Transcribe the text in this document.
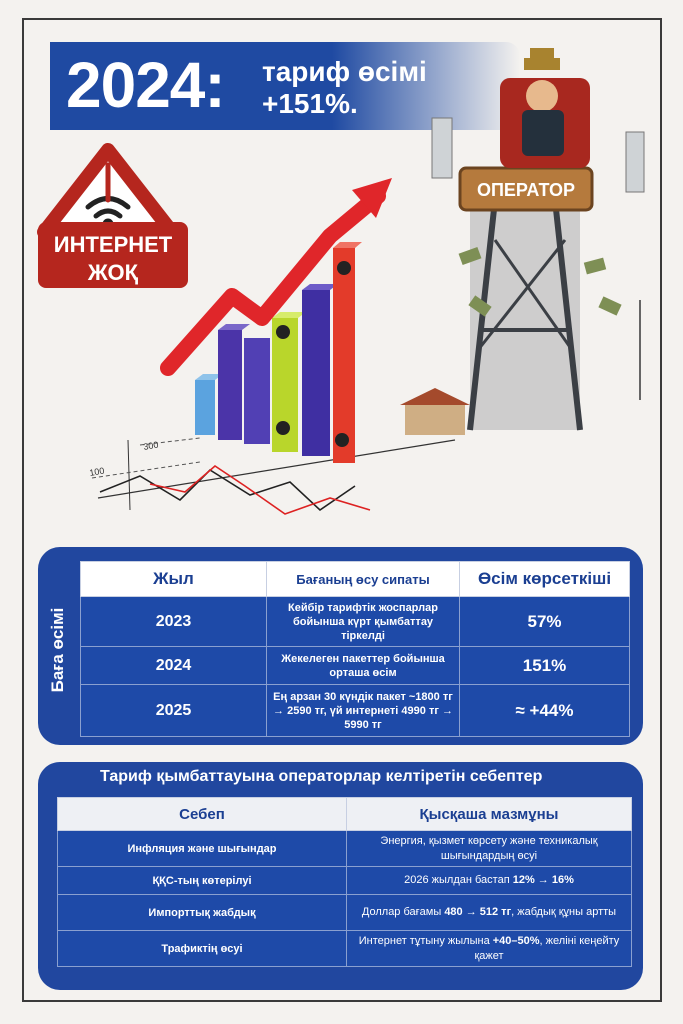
2024: тариф өсімі
+151%.
ИНТЕРНЕТ
ЖОҚ
300
100
ОПЕРАТОР
Баға өсімі
Жыл	Бағаның өсу сипаты	Өсім көрсеткіші
2023	Кейбір тарифтік жоспарлар бойынша күрт қымбаттау тіркелді	57%
2024	Жекелеген пакеттер бойынша орташа өсім	151%
2025	Ең арзан 30 күндік пакет ~1800 тг → 2590 тг, үй интернеті 4990 тг → 5990 тг	≈ +44%
Тариф қымбаттауына операторлар келтіретін себептер
Себеп	Қысқаша мазмұны
Инфляция және шығындар	Энергия, қызмет көрсету және техникалық шығындардың өсуі
ҚҚС-тың көтерілуі	2026 жылдан бастап 12% → 16%
Импорттық жабдық	Доллар бағамы 480 → 512 тг, жабдық құны артты
Трафиктің өсуі	Интернет тұтыну жылына +40–50%, желіні кеңейту қажет
